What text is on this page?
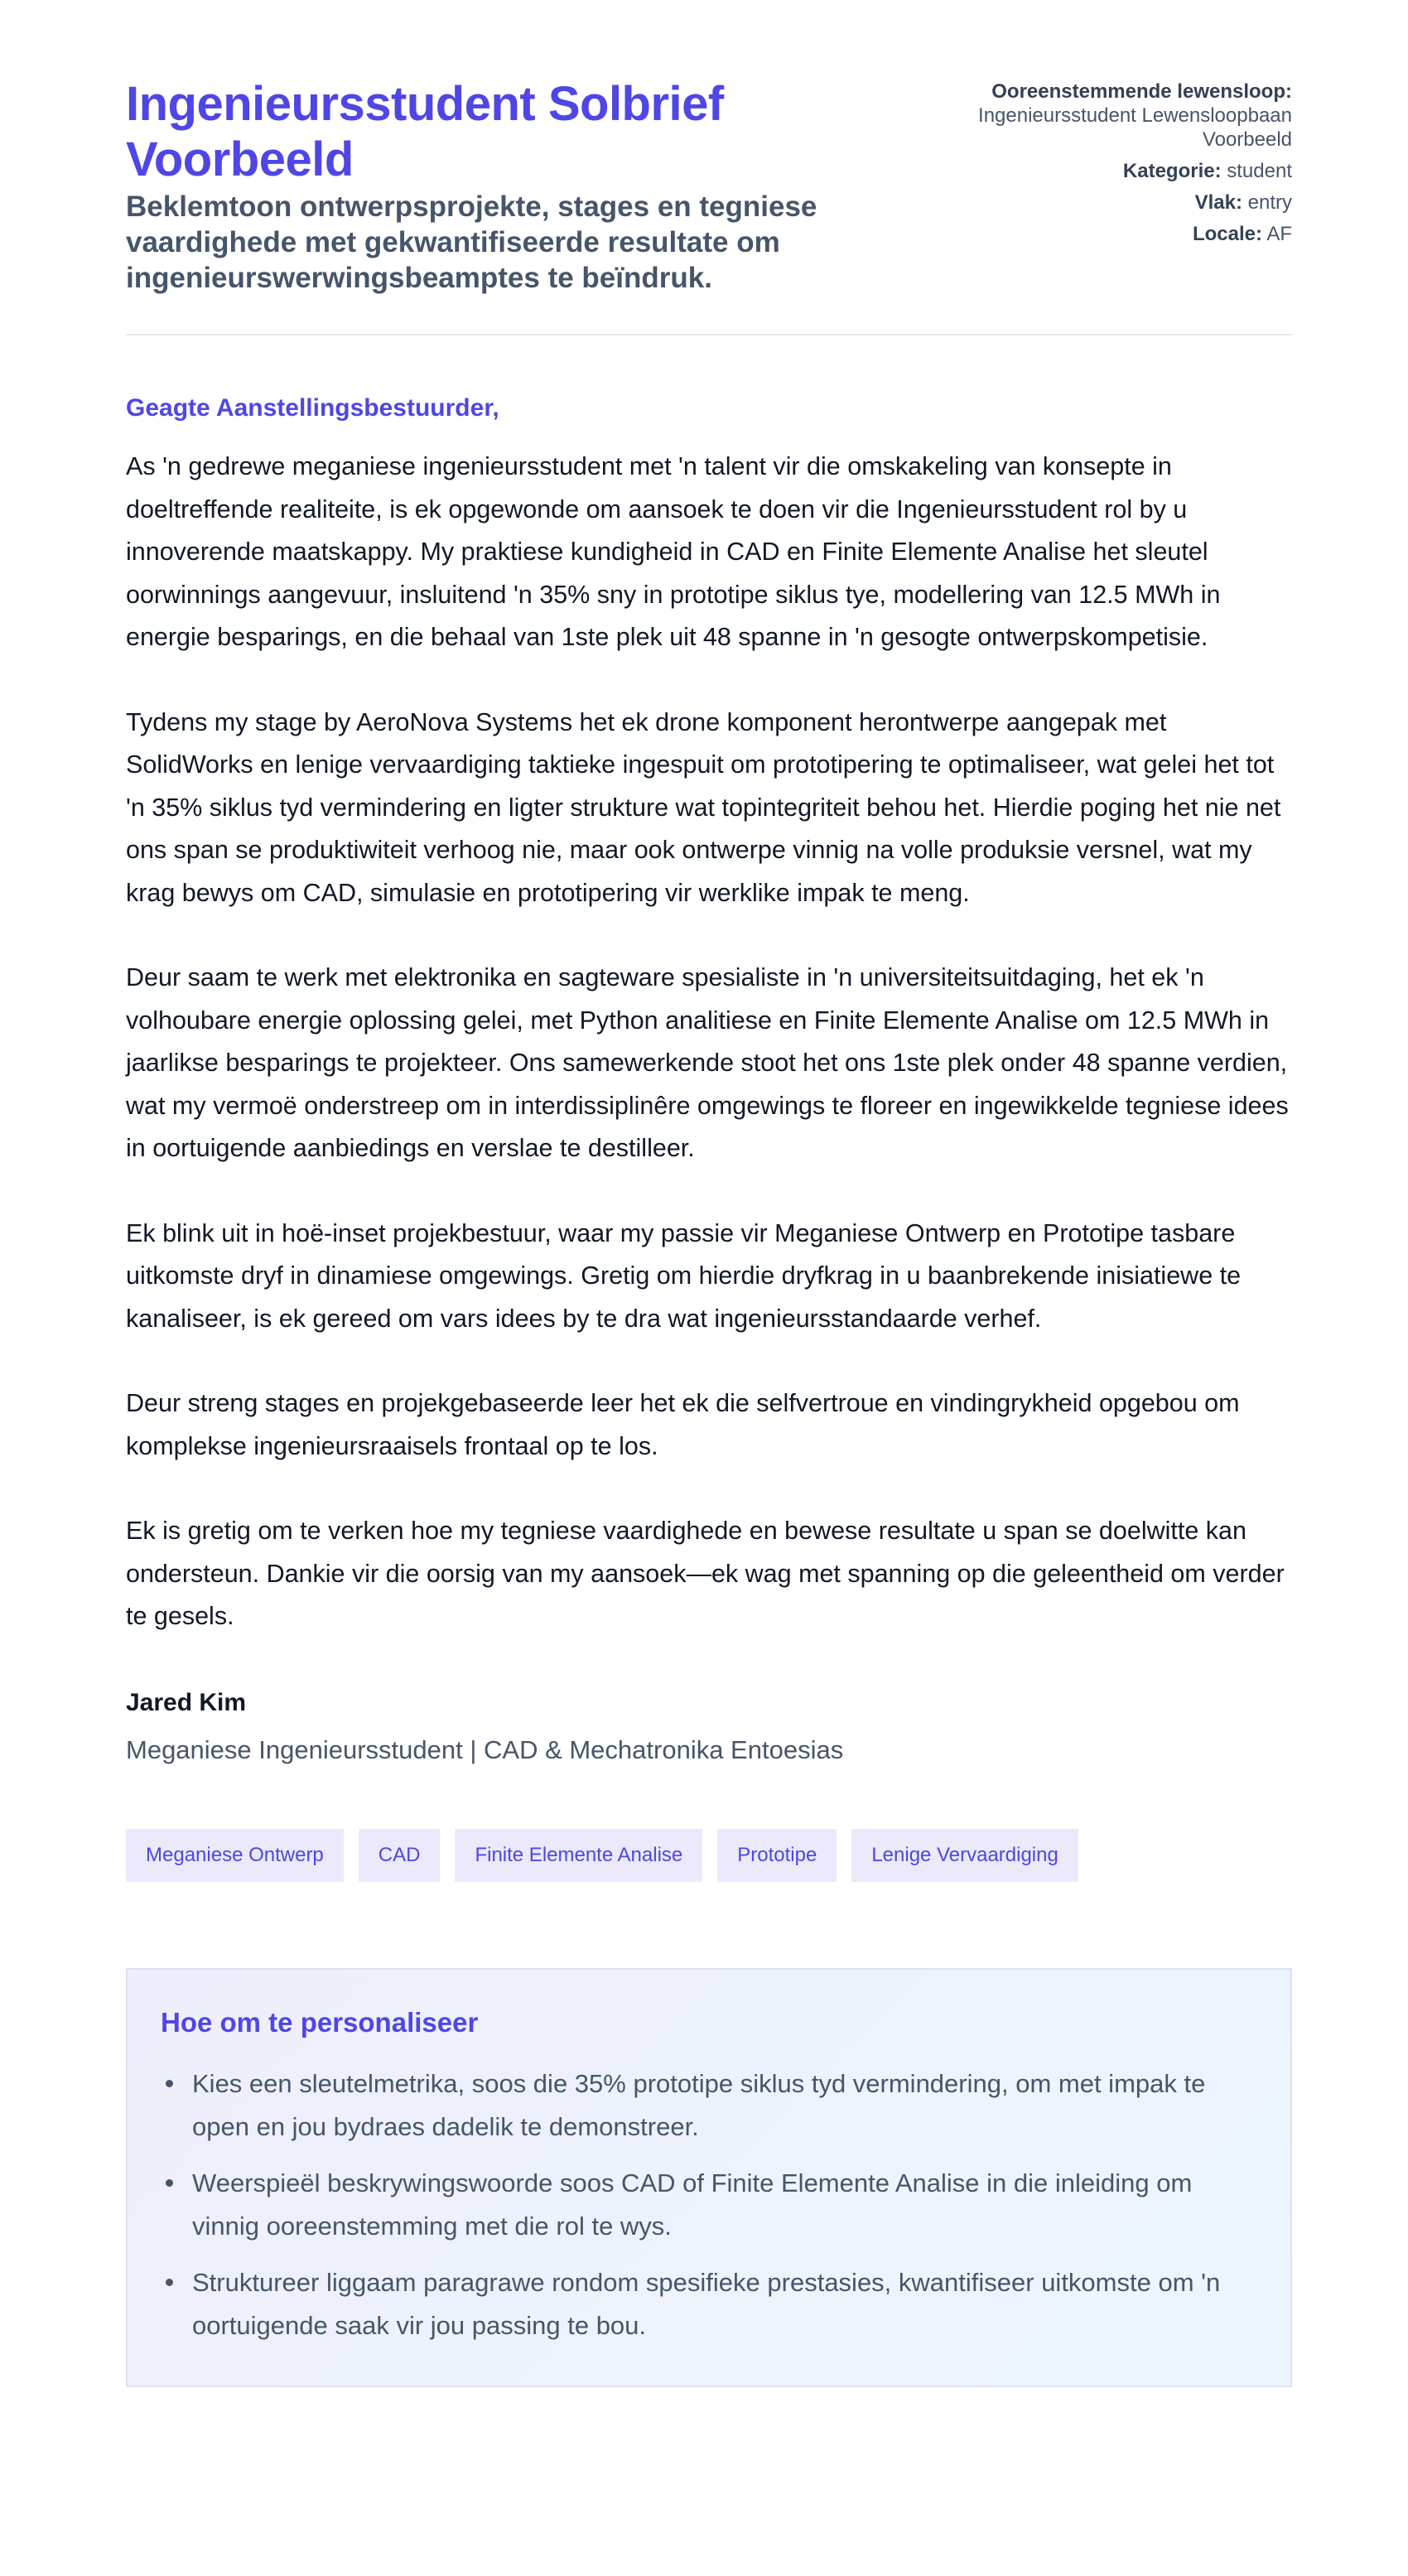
Ingenieursstudent Solbrief Voorbeeld

Beklemtoon ontwerpsprojekte, stages en tegniese vaardighede met gekwantifiseerde resultate om ingenieurswerwingsbeamptes te beïndruk.

Ooreenstemmende lewensloop: Ingenieursstudent Lewensloopbaan Voorbeeld
Kategorie: student
Vlak: entry
Locale: AF

Geagte Aanstellingsbestuurder,

As 'n gedrewe meganiese ingenieursstudent met 'n talent vir die omskakeling van konsepte in doeltreffende realiteite, is ek opgewonde om aansoek te doen vir die Ingenieursstudent rol by u innoverende maatskappy. My praktiese kundigheid in CAD en Finite Elemente Analise het sleutel oorwinnings aangevuur, insluitend 'n 35% sny in prototipe siklus tye, modellering van 12.5 MWh in energie besparings, en die behaal van 1ste plek uit 48 spanne in 'n gesogte ontwerpskompetisie.

Tydens my stage by AeroNova Systems het ek drone komponent herontwerpe aangepak met SolidWorks en lenige vervaardiging taktieke ingespuit om prototipering te optimaliseer, wat gelei het tot 'n 35% siklus tyd vermindering en ligter strukture wat topintegriteit behou het. Hierdie poging het nie net ons span se produktiwiteit verhoog nie, maar ook ontwerpe vinnig na volle produksie versnel, wat my krag bewys om CAD, simulasie en prototipering vir werklike impak te meng.

Deur saam te werk met elektronika en sagteware spesialiste in 'n universiteitsuitdaging, het ek 'n volhoubare energie oplossing gelei, met Python analitiese en Finite Elemente Analise om 12.5 MWh in jaarlikse besparings te projekteer. Ons samewerkende stoot het ons 1ste plek onder 48 spanne verdien, wat my vermoë onderstreep om in interdissiplinêre omgewings te floreer en ingewikkelde tegniese idees in oortuigende aanbiedings en verslae te destilleer.

Ek blink uit in hoë-inset projekbestuur, waar my passie vir Meganiese Ontwerp en Prototipe tasbare uitkomste dryf in dinamiese omgewings. Gretig om hierdie dryfkrag in u baanbrekende inisiatiewe te kanaliseer, is ek gereed om vars idees by te dra wat ingenieursstandaarde verhef.

Deur streng stages en projekgebaseerde leer het ek die selfvertroue en vindingrykheid opgebou om komplekse ingenieursraaisels frontaal op te los.

Ek is gretig om te verken hoe my tegniese vaardighede en bewese resultate u span se doelwitte kan ondersteun. Dankie vir die oorsig van my aansoek—ek wag met spanning op die geleentheid om verder te gesels.

Jared Kim
Meganiese Ingenieursstudent | CAD & Mechatronika Entoesias
Meganiese Ontwerp	CAD	Finite Elemente Analise	Prototipe	Lenige Vervaardiging
Hoe om te personaliseer
Kies een sleutelmetrika, soos die 35% prototipe siklus tyd vermindering, om met impak te open en jou bydraes dadelik te demonstreer.
Weerspieël beskrywingswoorde soos CAD of Finite Elemente Analise in die inleiding om vinnig ooreenstemming met die rol te wys.
Struktureer liggaam paragrawe rondom spesifieke prestasies, kwantifiseer uitkomste om 'n oortuigende saak vir jou passing te bou.
